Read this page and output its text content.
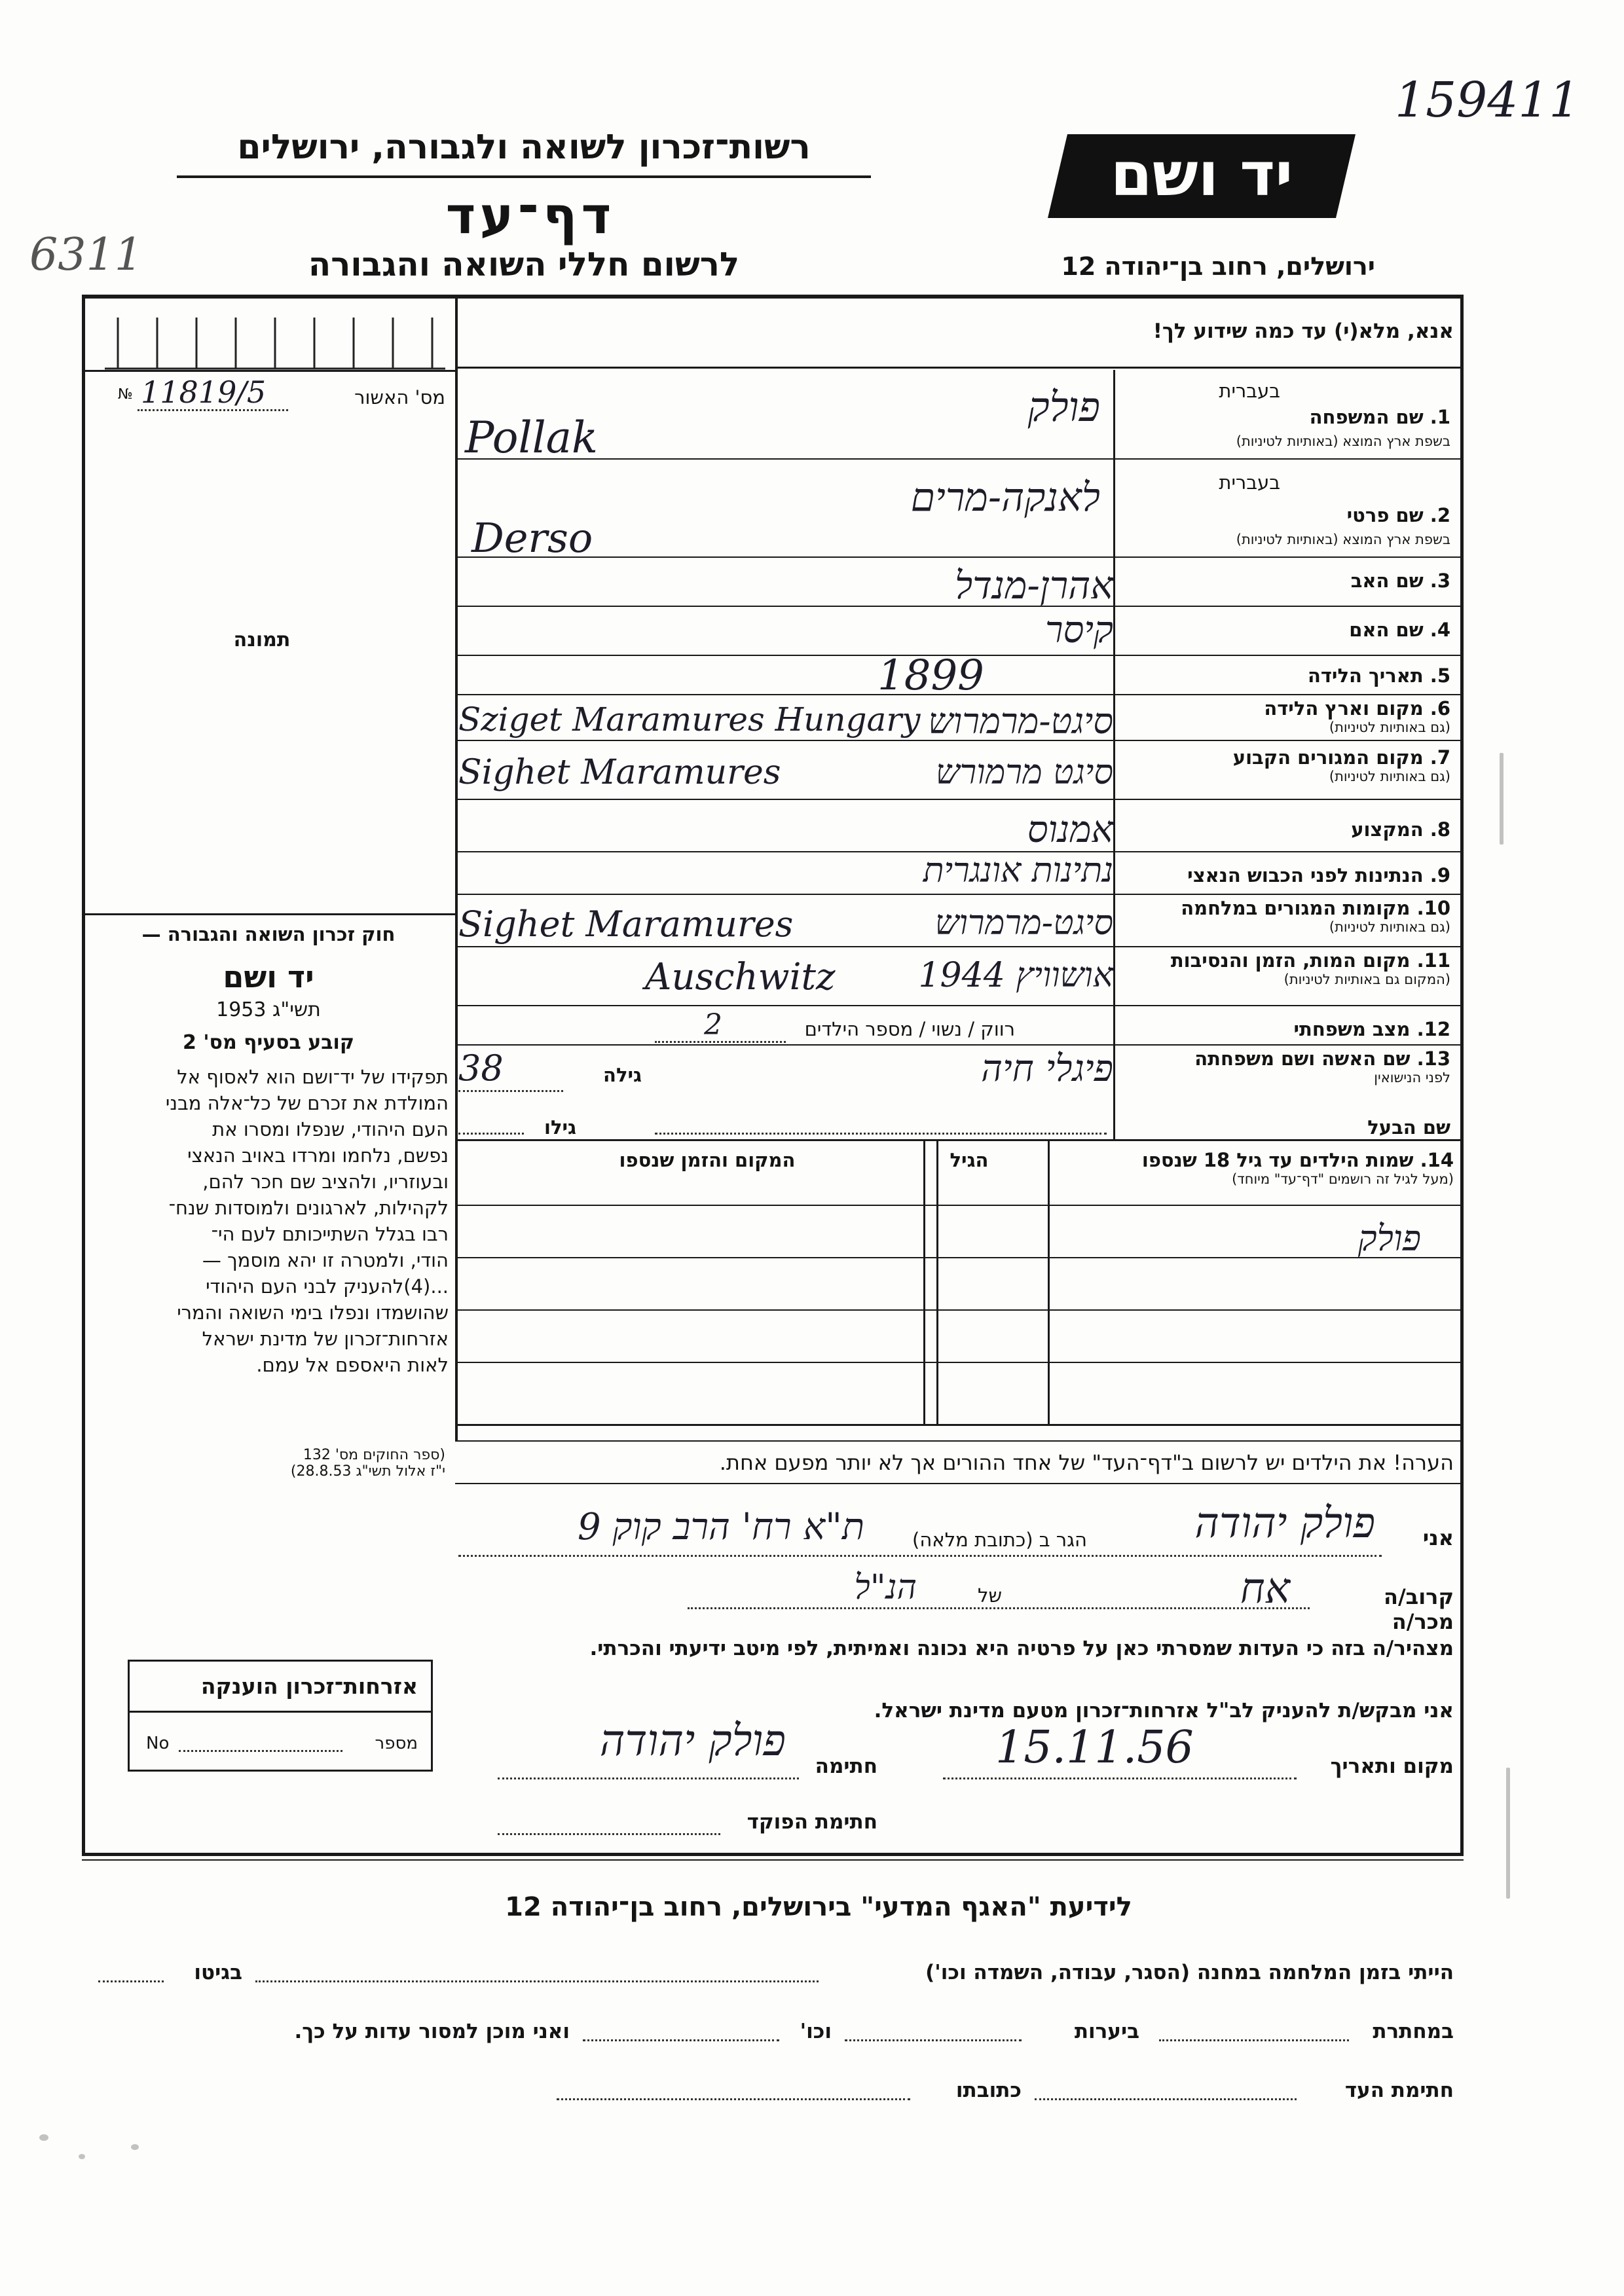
159411
6311
רשות־זכרון לשואה ולגבורה, ירושלים
דף־עד
לרשום חללי השואה והגבורה
יד ושם
ירושלים, רחוב בן־יהודה 12
מס' האשור
№ 11819/5
תמונה
אנא, מלא(י) עד כמה שידוע לך!
בעברית
1. שם המשפחה
בשפת ארץ המוצא (באותיות לטיניות)
בעברית
2. שם פרטי
בשפת ארץ המוצא (באותיות לטיניות)
3. שם האב
4. שם האם
5. תאריך הלידה
6. מקום וארץ הלידה
(גם באותיות לטיניות)
7. מקום המגורים הקבוע
(גם באותיות לטיניות)
8. המקצוע
9. הנתינות לפני הכבוש הנאצי
10. מקומות המגורים במלחמה
(גם באותיות לטיניות)
11. מקום המות, הזמן והנסיבות
(המקום גם באותיות לטיניות)
12. מצב משפחתי
13. שם האשה ושם משפחתה
לפני הנישואין
שם הבעל
פולק
Pollak
לאנקה-מרים
Derso
אהרן-מנדל
קיסר
1899
סיגט-מרמרוש
Sziget Maramures Hungary
סיגט מרמורש
Sighet Maramures
אמנוס
נתינות אונגרית
סיגט-מרמרוש
Sighet Maramures
אושוויץ 1944
Auschwitz
רווק / נשוי / מספר הילדים
2
פיגלי חיה
גילה
38
גילו
חוק זכרון השואה והגבורה —
יד ושם
1953 תשי"ג
קובע בסעיף מס' 2
תפקידו של יד־ושם הוא לאסוף אל
המולדת את זכרם של כל־אלה מבני
העם היהודי, שנפלו ומסרו את
נפשם, נלחמו ומרדו באויב הנאצי
ובעוזריו, ולהציב שם חכר להם,
לקהילות, לארגונים ולמוסדות שנח־
רבו בגלל השתייכותם לעם הי־
הודי, ולמטרה זו יהא מוסמך —
...(4)להעניק לבני העם היהודי
שהושמדו ונפלו בימי השואה והמרי
אזרחות־זכרון של מדינת ישראל
לאות היאספם אל עמם.
(ספר החוקים מס' 132
י"ז אלול תשי"ג 28.8.53)
14. שמות הילדים עד גיל 18 שנספו
(מעל לגיל זה רושמים "דף־עד" מיוחד)
הגיל
המקום והזמן שנספו
פולק
הערה! את הילדים יש לרשום ב"דף־העד" של אחד ההורים אך לא יותר מפעם אחת.
אני
פולק יהודה
הגר ב (כתובת מלאה)
ת"א רח' הרב קוק 9
קרוב/ה מכר/ה
אח
של
הנ"ל
מצהיר/ה בזה כי העדות שמסרתי כאן על פרטיה היא נכונה ואמיתית, לפי מיטב ידיעתי והכרתי.
אני מבקש/ת להעניק לב"ל אזרחות־זכרון מטעם מדינת ישראל.
מקום ותאריך
15.11.56
חתימה
פולק יהודה
חתימת הפוקד
אזרחות־זכרון הוענקה
מספר
No
לידיעת "האגף המדעי" בירושלים, רחוב בן־יהודה 12
הייתי בזמן המלחמה במחנה (הסגר, עבודה, השמדה וכו')
בגיטו
במחתרת
ביערות
וכו'
ואני מוכן למסור עדות על כך.
חתימת העד
כתובתו
